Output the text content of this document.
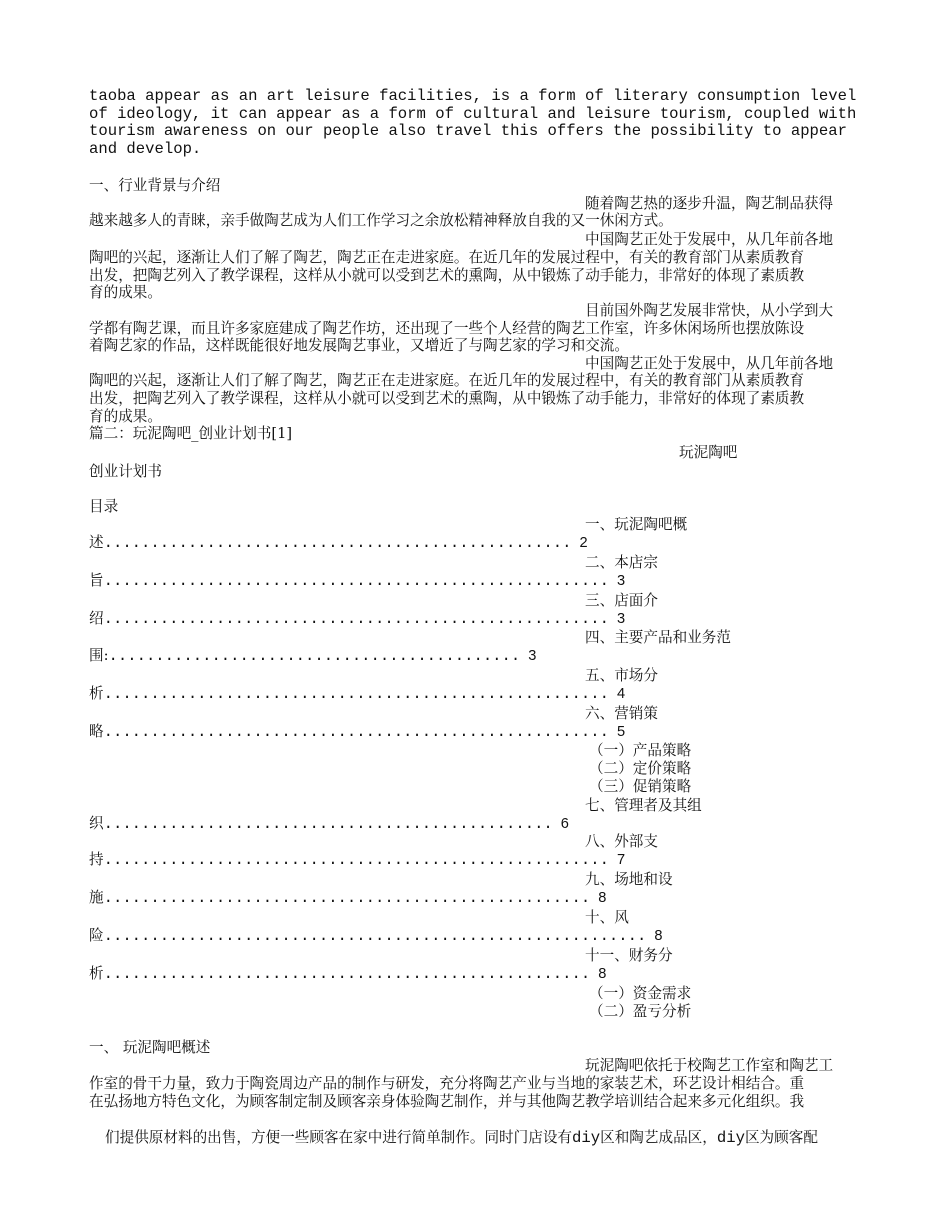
taoba appear as an art leisure facilities, is a form of literary consumption level
of ideology, it can appear as a form of cultural and leisure tourism, coupled with
tourism awareness on our people also travel this offers the possibility to appear
and develop.
一、行业背景与介绍
随着陶艺热的逐步升温，陶艺制品获得
越来越多人的青睐，亲手做陶艺成为人们工作学习之余放松精神释放自我的又一休闲方式。
中国陶艺正处于发展中，从几年前各地
陶吧的兴起，逐渐让人们了解了陶艺，陶艺正在走进家庭。在近几年的发展过程中，有关的教育部门从素质教育
出发，把陶艺列入了教学课程，这样从小就可以受到艺术的熏陶，从中锻炼了动手能力，非常好的体现了素质教
育的成果。
目前国外陶艺发展非常快，从小学到大
学都有陶艺课，而且许多家庭建成了陶艺作坊，还出现了一些个人经营的陶艺工作室，许多休闲场所也摆放陈设
着陶艺家的作品，这样既能很好地发展陶艺事业，又增近了与陶艺家的学习和交流。
中国陶艺正处于发展中，从几年前各地
陶吧的兴起，逐渐让人们了解了陶艺，陶艺正在走进家庭。在近几年的发展过程中，有关的教育部门从素质教育
出发，把陶艺列入了教学课程，这样从小就可以受到艺术的熏陶，从中锻炼了动手能力，非常好的体现了素质教
育的成果。
篇二：玩泥陶吧_创业计划书[1]
玩泥陶吧
创业计划书
目录
一、玩泥陶吧概
述.................................................. 2
二、本店宗
旨...................................................... 3
三、店面介
绍...................................................... 3
四、主要产品和业务范
围:............................................ 3
五、市场分
析...................................................... 4
六、营销策
略...................................................... 5
（一）产品策略
（二）定价策略
（三）促销策略
七、管理者及其组
织................................................ 6
八、外部支
持...................................................... 7
九、场地和设
施.................................................... 8
十、风
险.......................................................... 8
十一、财务分
析.................................................... 8
（一）资金需求
（二）盈亏分析
一、 玩泥陶吧概述
玩泥陶吧依托于校陶艺工作室和陶艺工
作室的骨干力量，致力于陶瓷周边产品的制作与研发，充分将陶艺产业与当地的家装艺术，环艺设计相结合。重
在弘扬地方特色文化，为顾客制定制及顾客亲身体验陶艺制作，并与其他陶艺教学培训结合起来多元化组织。我

们提供原材料的出售，方便一些顾客在家中进行简单制作。同时门店设有diy区和陶艺成品区，diy区为顾客配
